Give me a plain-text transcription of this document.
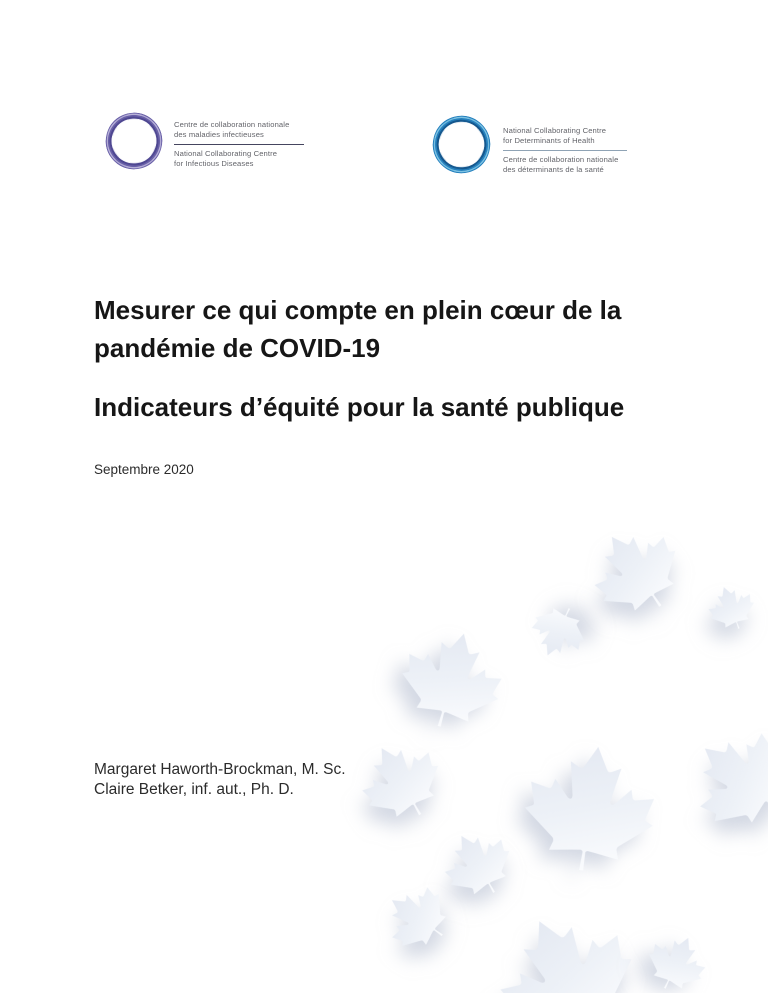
Centre de collaboration nationale
des maladies infectieuses
National Collaborating Centre
for Infectious Diseases
National Collaborating Centre
for Determinants of Health
Centre de collaboration nationale
des déterminants de la santé
Mesurer ce qui compte en plein cœur de la
pandémie de COVID-19
Indicateurs d’équité pour la santé publique

Septembre 2020

Margaret Haworth-Brockman, M. Sc.

Claire Betker, inf. aut., Ph. D.
